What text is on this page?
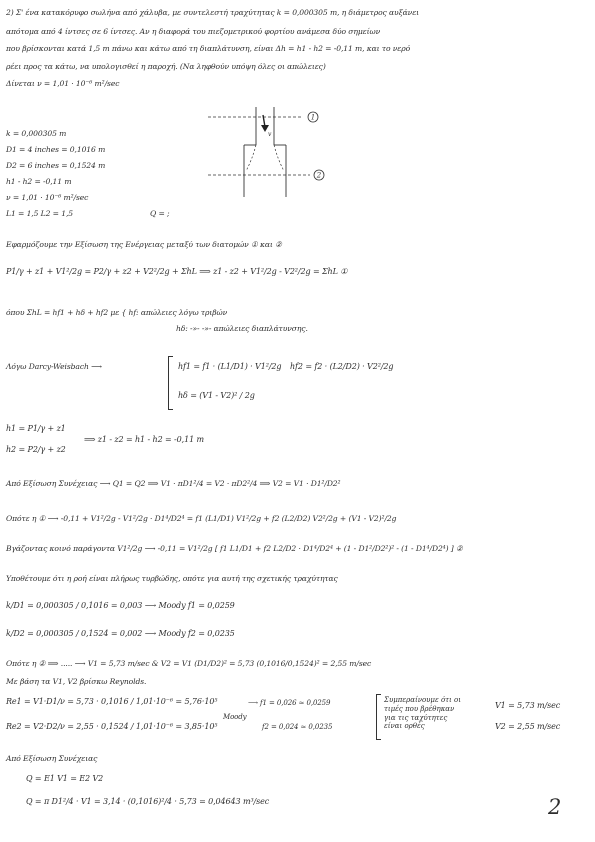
2) Σ' ένα κατακόρυφο σωλήνα από χάλυβα, με συντελεστή τραχύτητας k = 0,000305 m, η διάμετρος αυξάνει
απότομα από 4 ίντσες σε 6 ίντσες. Αν η διαφορά του πιεζομετρικού φορτίου ανάμεσα δύο σημείων
που βρίσκονται κατά 1,5 m πάνω και κάτω από τη διαπλάτυνση, είναι Δh = h1 - h2 = -0,11 m, και το νερό
ρέει προς τα κάτω, να υπολογισθεί η παροχή. (Να ληφθούν υπόψη όλες οι απώλειες)
Δίνεται ν = 1,01 · 10⁻⁶ m²/sec
k = 0,000305 m
D1 = 4 inches = 0,1016 m
D2 = 6 inches = 0,1524 m
h1 - h2 = -0,11 m
ν = 1,01 · 10⁻⁶ m²/sec
L1 = 1,5 L2 = 1,5	Q = ;
1
2
v
Εφαρμόζουμε την Εξίσωση της Ενέργειας μεταξύ των διατομών ① και ②
P1/γ + z1 + V1²/2g = P2/γ + z2 + V2²/2g + ΣhL ⟹ z1 - z2 + V1²/2g - V2²/2g = ΣhL ①
όπου ΣhL = hf1 + hδ + hf2 με { hf: απώλειες λόγω τριβών
hδ: -»- -»- απώλειες διαπλάτυνσης.
Λόγω Darcy-Weisbach ⟶	hf1 = f1 · (L1/D1) · V1²/2g hf2 = f2 · (L2/D2) · V2²/2g
hδ = (V1 - V2)² / 2g
h1 = P1/γ + z1
h2 = P2/γ + z2
⟹ z1 - z2 = h1 - h2 = -0,11 m
Από Εξίσωση Συνέχειας ⟶ Q1 = Q2 ⟹ V1 · πD1²/4 = V2 · πD2²/4 ⟹ V2 = V1 · D1²/D2²
Οπότε η ① ⟶ -0,11 + V1²/2g - V1²/2g · D1⁴/D2⁴ = f1 (L1/D1) V1²/2g + f2 (L2/D2) V2²/2g + (V1 - V2)²/2g
Βγάζοντας κοινό παράγοντα V1²/2g ⟶ -0,11 = V1²/2g [ f1 L1/D1 + f2 L2/D2 · D1⁴/D2⁴ + (1 - D1²/D2²)² - (1 - D1⁴/D2⁴) ] ②
Υποθέτουμε ότι η ροή είναι πλήρως τυρβώδης, οπότε για αυτή της σχετικής τραχύτητας
k/D1 = 0,000305 / 0,1016 = 0,003 ⟶ Moody f1 = 0,0259
k/D2 = 0,000305 / 0,1524 = 0,002 ⟶ Moody f2 = 0,0235
Οπότε η ② ⟹ ..... ⟶ V1 = 5,73 m/sec & V2 = V1 (D1/D2)² = 5,73 (0,1016/0,1524)² = 2,55 m/sec
Με βάση τα V1, V2 βρίσκω Reynolds.
Re1 = V1·D1/ν = 5,73 · 0,1016 / 1,01·10⁻⁶ = 5,76·10⁵
Re2 = V2·D2/ν = 2,55 · 0,1524 / 1,01·10⁻⁶ = 3,85·10⁵
⟶ f1 = 0,026 ≃ 0,0259
Moody
f2 = 0,024 ≃ 0,0235
Συμπεραίνουμε ότι οι τιμές που βρέθηκαν για τις ταχύτητες είναι ορθές
V1 = 5,73 m/sec
V2 = 2,55 m/sec
Από Εξίσωση Συνέχειας
Q = E1 V1 = E2 V2
Q = π D1²/4 · V1 = 3,14 · (0,1016)²/4 · 5,73 = 0,04643 m³/sec	2
